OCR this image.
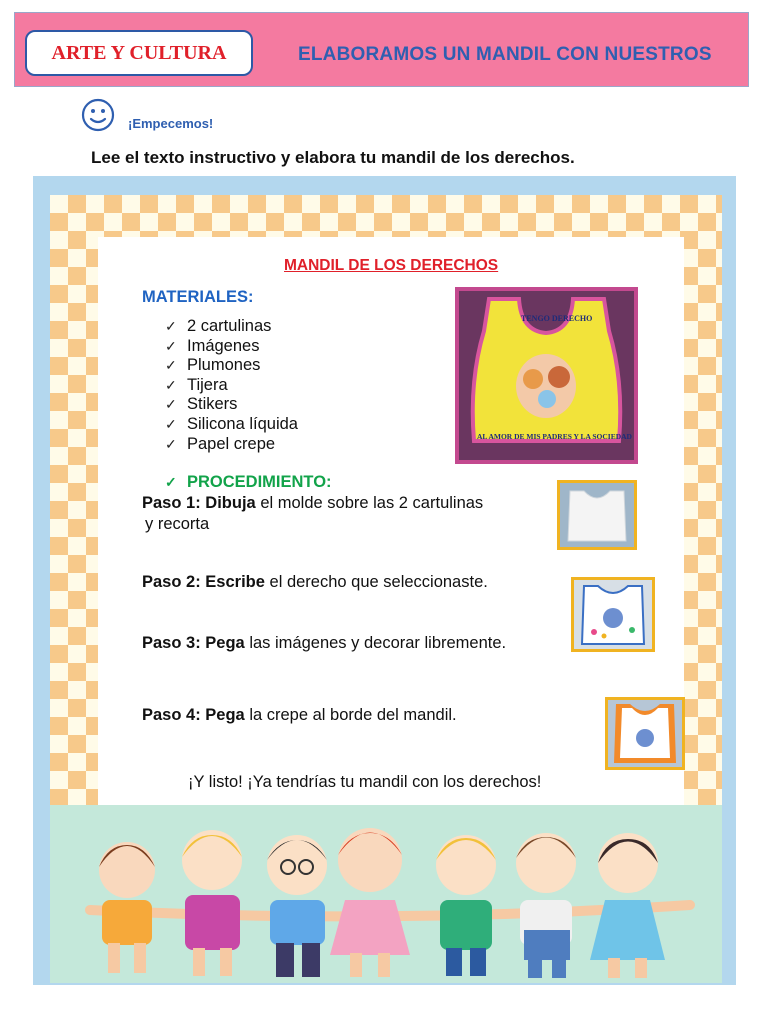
ARTE Y CULTURA	ELABORAMOS UN MANDIL CON NUESTROS
¡Empecemos!
Lee el texto instructivo y elabora tu mandil de los derechos.
MANDIL DE LOS DERECHOS
MATERIALES:
✓ 2 cartulinas
✓ Imágenes
✓ Plumones
✓ Tijera
✓ Stikers
✓ Silicona líquida
✓ Papel crepe
✓ PROCEDIMIENTO:
Paso 1: Dibuja el molde sobre las 2 cartulinas
y recorta
Paso 2: Escribe el derecho que seleccionaste.
Paso 3: Pega las imágenes y decorar libremente.
Paso 4: Pega la crepe al borde del mandil.
¡Y listo! ¡Ya tendrías tu mandil con los derechos!
TENGO DERECHO
AL AMOR DE MIS PADRES Y LA SOCIEDAD
